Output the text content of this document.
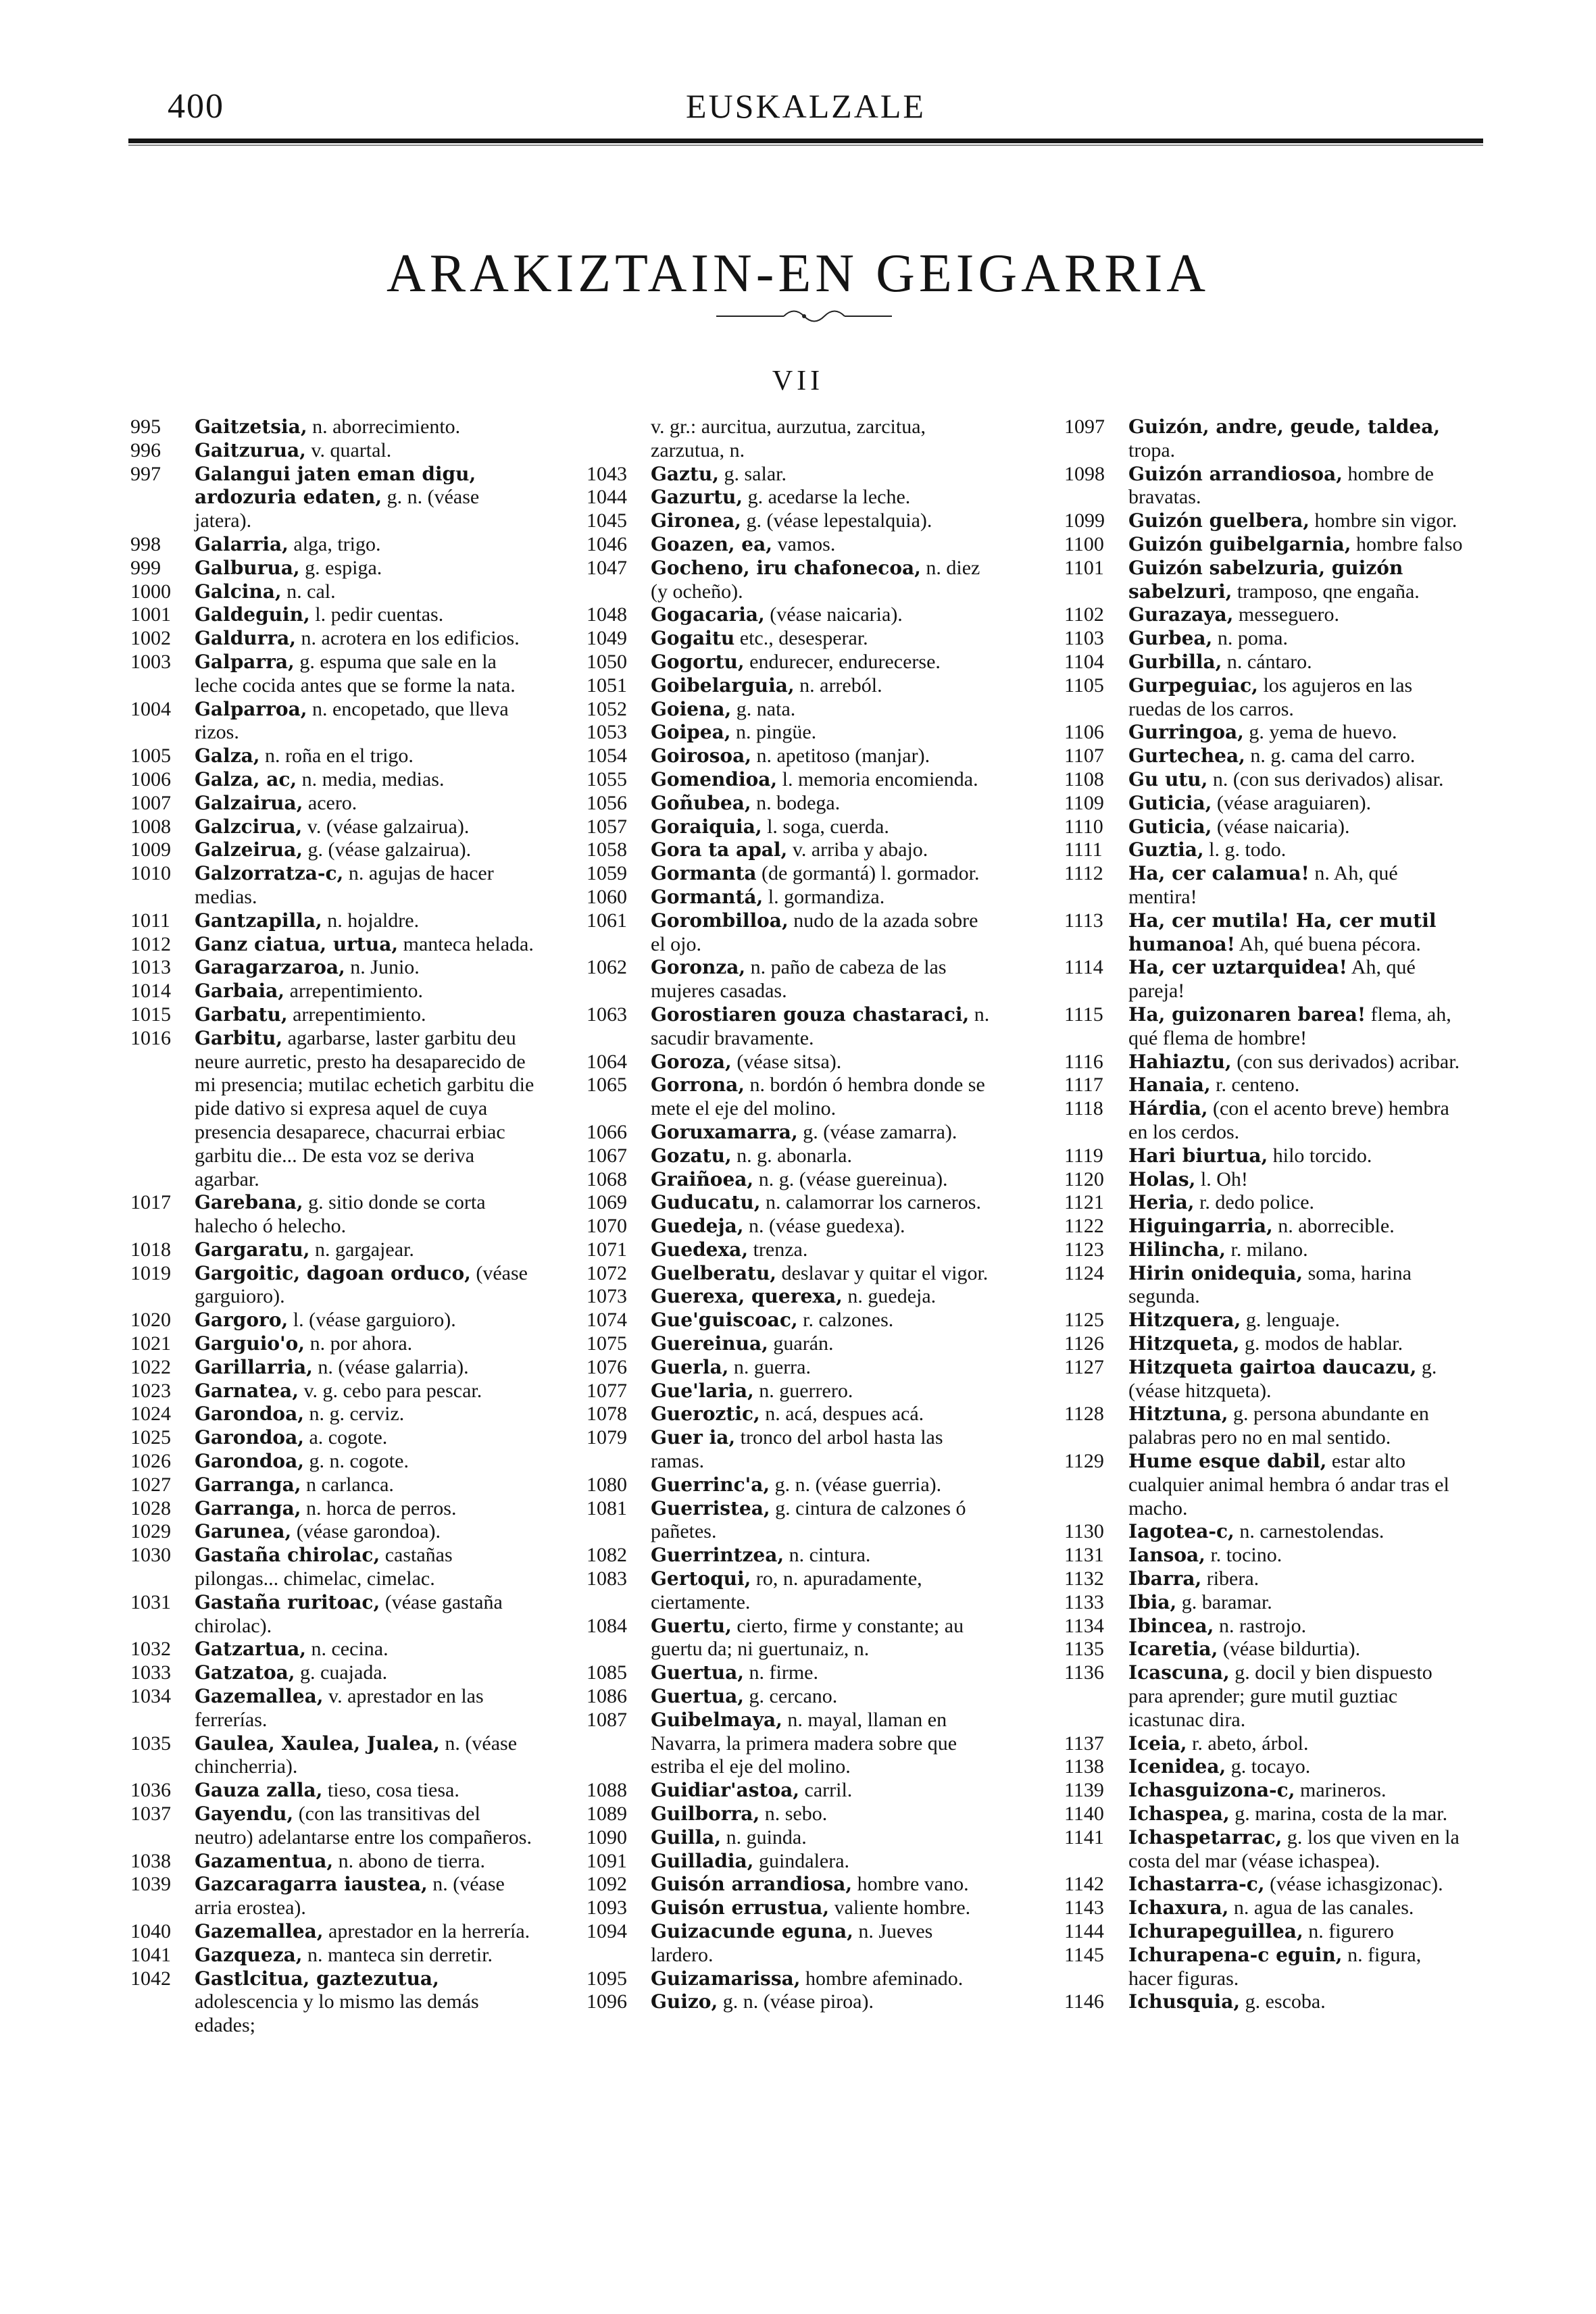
400	EUSKALZALE
ARAKIZTAIN-EN GEIGARRIA
VII
995	Gaitzetsia, n. aborrecimiento.
996	Gaitzurua, v. quartal.
997	Galangui jaten eman digu, ardozuria edaten, g. n. (véase jatera).
998	Galarria, alga, trigo.
999	Galburua, g. espiga.
1000	Galcina, n. cal.
1001	Galdeguin, l. pedir cuentas.
1002	Galdurra, n. acrotera en los edificios.
1003	Galparra, g. espuma que sale en la leche cocida antes que se forme la nata.
1004	Galparroa, n. encopetado, que lleva rizos.
1005	Galza, n. roña en el trigo.
1006	Galza, ac, n. media, medias.
1007	Galzairua, acero.
1008	Galzcirua, v. (véase galzairua).
1009	Galzeirua, g. (véase galzairua).
1010	Galzorratza-c, n. agujas de hacer medias.
1011	Gantzapilla, n. hojaldre.
1012	Ganz ciatua, urtua, manteca helada.
1013	Garagarzaroa, n. Junio.
1014	Garbaia, arrepentimiento.
1015	Garbatu, arrepentimiento.
1016	Garbitu, agarbarse, laster garbitu deu neure aurretic, presto ha desaparecido de mi presencia; mutilac echetich garbitu die pide dativo si expresa aquel de cuya presencia desaparece, chacurrai erbiac garbitu die... De esta voz se deriva agarbar.
1017	Garebana, g. sitio donde se corta halecho ó helecho.
1018	Gargaratu, n. gargajear.
1019	Gargoitic, dagoan orduco, (véase garguioro).
1020	Gargoro, l. (véase garguioro).
1021	Garguio'o, n. por ahora.
1022	Garillarria, n. (véase galarria).
1023	Garnatea, v. g. cebo para pescar.
1024	Garondoa, n. g. cerviz.
1025	Garondoa, a. cogote.
1026	Garondoa, g. n. cogote.
1027	Garranga, n carlanca.
1028	Garranga, n. horca de perros.
1029	Garunea, (véase garondoa).
1030	Gastaña chirolac, castañas pilongas... chimelac, cimelac.
1031	Gastaña ruritoac, (véase gastaña chirolac).
1032	Gatzartua, n. cecina.
1033	Gatzatoa, g. cuajada.
1034	Gazemallea, v. aprestador en las ferrerías.
1035	Gaulea, Xaulea, Jualea, n. (véase chincherria).
1036	Gauza zalla, tieso, cosa tiesa.
1037	Gayendu, (con las transitivas del neutro) adelantarse entre los compañeros.
1038	Gazamentua, n. abono de tierra.
1039	Gazcaragarra iaustea, n. (véase arria erostea).
1040	Gazemallea, aprestador en la herrería.
1041	Gazqueza, n. manteca sin derretir.
1042	Gastlcitua, gaztezutua, adolescencia y lo mismo las demás edades;
v. gr.: aurcitua, aurzutua, zarcitua, zarzutua, n.
1043	Gaztu, g. salar.
1044	Gazurtu, g. acedarse la leche.
1045	Gironea, g. (véase lepestalquia).
1046	Goazen, ea, vamos.
1047	Gocheno, iru chafonecoa, n. diez (y ocheño).
1048	Gogacaria, (véase naicaria).
1049	Gogaitu etc., desesperar.
1050	Gogortu, endurecer, endurecerse.
1051	Goibelarguia, n. arreból.
1052	Goiena, g. nata.
1053	Goipea, n. pingüe.
1054	Goirosoa, n. apetitoso (manjar).
1055	Gomendioa, l. memoria encomienda.
1056	Goñubea, n. bodega.
1057	Goraiquia, l. soga, cuerda.
1058	Gora ta apal, v. arriba y abajo.
1059	Gormanta (de gormantá) l. gormador.
1060	Gormantá, l. gormandiza.
1061	Gorombilloa, nudo de la azada sobre el ojo.
1062	Goronza, n. paño de cabeza de las mujeres casadas.
1063	Gorostiaren gouza chastaraci, n. sacudir bravamente.
1064	Goroza, (véase sitsa).
1065	Gorrona, n. bordón ó hembra donde se mete el eje del molino.
1066	Goruxamarra, g. (véase zamarra).
1067	Gozatu, n. g. abonarla.
1068	Graiñoea, n. g. (véase guereinua).
1069	Guducatu, n. calamorrar los carneros.
1070	Guedeja, n. (véase guedexa).
1071	Guedexa, trenza.
1072	Guelberatu, deslavar y quitar el vigor.
1073	Guerexa, querexa, n. guedeja.
1074	Gue'guiscoac, r. calzones.
1075	Guereinua, guarán.
1076	Guerla, n. guerra.
1077	Gue'laria, n. guerrero.
1078	Gueroztic, n. acá, despues acá.
1079	Guer ia, tronco del arbol hasta las ramas.
1080	Guerrinc'a, g. n. (véase guerria).
1081	Guerristea, g. cintura de calzones ó pañetes.
1082	Guerrintzea, n. cintura.
1083	Gertoqui, ro, n. apuradamente, ciertamente.
1084	Guertu, cierto, firme y constante; au guertu da; ni guertunaiz, n.
1085	Guertua, n. firme.
1086	Guertua, g. cercano.
1087	Guibelmaya, n. mayal, llaman en Navarra, la primera madera sobre que estriba el eje del molino.
1088	Guidiar'astoa, carril.
1089	Guilborra, n. sebo.
1090	Guilla, n. guinda.
1091	Guilladia, guindalera.
1092	Guisón arrandiosa, hombre vano.
1093	Guisón errustua, valiente hombre.
1094	Guizacunde eguna, n. Jueves lardero.
1095	Guizamarissa, hombre afeminado.
1096	Guizo, g. n. (véase piroa).
1097	Guizón, andre, geude, taldea, tropa.
1098	Guizón arrandiosoa, hombre de bravatas.
1099	Guizón guelbera, hombre sin vigor.
1100	Guizón guibelgarnia, hombre falso
1101	Guizón sabelzuria, guizón sabelzuri, tramposo, qne engaña.
1102	Gurazaya, messeguero.
1103	Gurbea, n. poma.
1104	Gurbilla, n. cántaro.
1105	Gurpeguiac, los agujeros en las ruedas de los carros.
1106	Gurringoa, g. yema de huevo.
1107	Gurtechea, n. g. cama del carro.
1108	Gu utu, n. (con sus derivados) alisar.
1109	Guticia, (véase araguiaren).
1110	Guticia, (véase naicaria).
1111	Guztia, l. g. todo.
1112	Ha, cer calamua! n. Ah, qué mentira!
1113	Ha, cer mutila! Ha, cer mutil humanoa! Ah, qué buena pécora.
1114	Ha, cer uztarquidea! Ah, qué pareja!
1115	Ha, guizonaren barea! flema, ah, qué flema de hombre!
1116	Hahiaztu, (con sus derivados) acribar.
1117	Hanaia, r. centeno.
1118	Hárdia, (con el acento breve) hembra en los cerdos.
1119	Hari biurtua, hilo torcido.
1120	Holas, l. Oh!
1121	Heria, r. dedo police.
1122	Higuingarria, n. aborrecible.
1123	Hilincha, r. milano.
1124	Hirin onidequia, soma, harina segunda.
1125	Hitzquera, g. lenguaje.
1126	Hitzqueta, g. modos de hablar.
1127	Hitzqueta gairtoa daucazu, g. (véase hitzqueta).
1128	Hitztuna, g. persona abundante en palabras pero no en mal sentido.
1129	Hume esque dabil, estar alto cualquier animal hembra ó andar tras el macho.
1130	Iagotea-c, n. carnestolendas.
1131	Iansoa, r. tocino.
1132	Ibarra, ribera.
1133	Ibia, g. baramar.
1134	Ibincea, n. rastrojo.
1135	Icaretia, (véase bildurtia).
1136	Icascuna, g. docil y bien dispuesto para aprender; gure mutil guztiac icastunac dira.
1137	Iceia, r. abeto, árbol.
1138	Icenidea, g. tocayo.
1139	Ichasguizona-c, marineros.
1140	Ichaspea, g. marina, costa de la mar.
1141	Ichaspetarrac, g. los que viven en la costa del mar (véase ichaspea).
1142	Ichastarra-c, (véase ichasgizonac).
1143	Ichaxura, n. agua de las canales.
1144	Ichurapeguillea, n. figurero
1145	Ichurapena-c eguin, n. figura, hacer figuras.
1146	Ichusquia, g. escoba.
